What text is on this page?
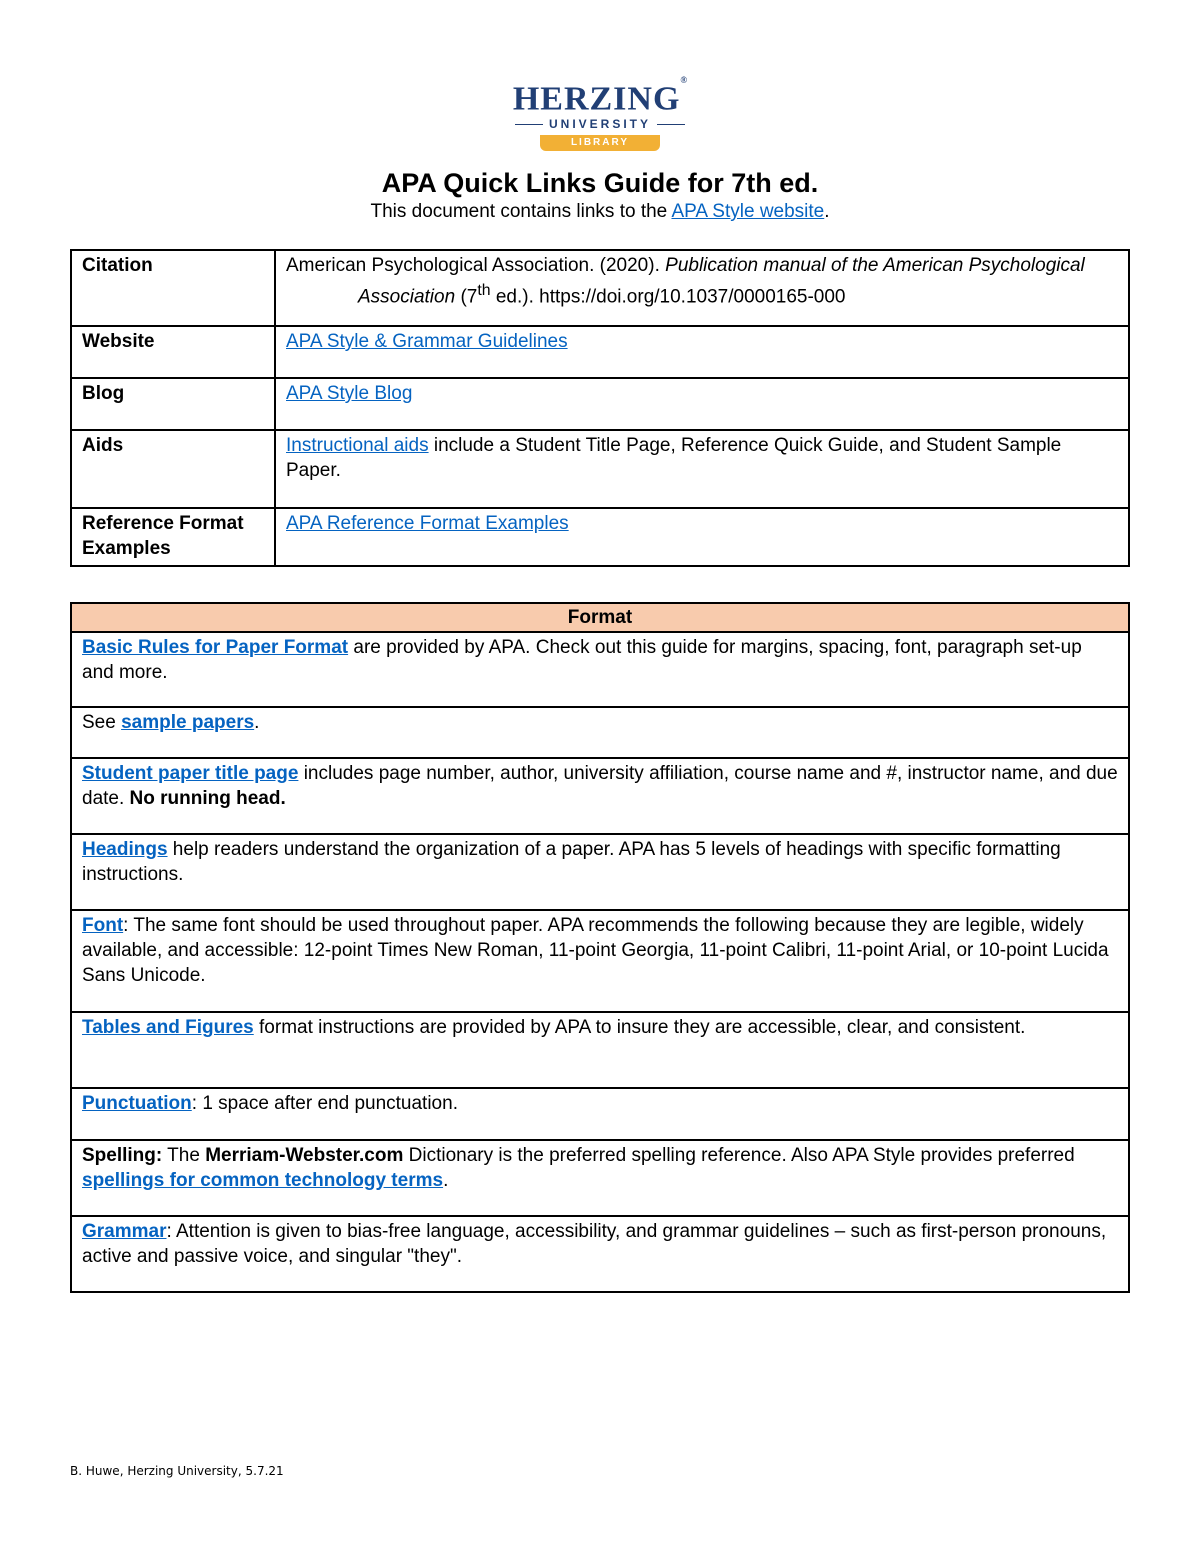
HERZING®
UNIVERSITY
LIBRARY
APA Quick Links Guide for 7th ed.
This document contains links to the APA Style website.
Citation	American Psychological Association. (2020). Publication manual of the American Psychological Association (7th ed.). https://doi.org/10.1037/0000165-000

Website	APA Style & Grammar Guidelines
Blog	APA Style Blog
Aids	Instructional aids include a Student Title Page, Reference Quick Guide, and Student Sample Paper.
Reference Format Examples	APA Reference Format Examples
Format
Basic Rules for Paper Format are provided by APA. Check out this guide for margins, spacing, font, paragraph set-up and more.
See sample papers.
Student paper title page includes page number, author, university affiliation, course name and #, instructor name, and due date. No running head.
Headings help readers understand the organization of a paper. APA has 5 levels of headings with specific formatting instructions.
Font: The same font should be used throughout paper. APA recommends the following because they are legible, widely available, and accessible: 12-point Times New Roman, 11-point Georgia, 11-point Calibri, 11-point Arial, or 10-point Lucida Sans Unicode.
Tables and Figures format instructions are provided by APA to insure they are accessible, clear, and consistent.
Punctuation: 1 space after end punctuation.
Spelling: The Merriam-Webster.com Dictionary is the preferred spelling reference. Also APA Style provides preferred spellings for common technology terms.
Grammar: Attention is given to bias-free language, accessibility, and grammar guidelines – such as first-person pronouns, active and passive voice, and singular "they".
B. Huwe, Herzing University, 5.7.21
